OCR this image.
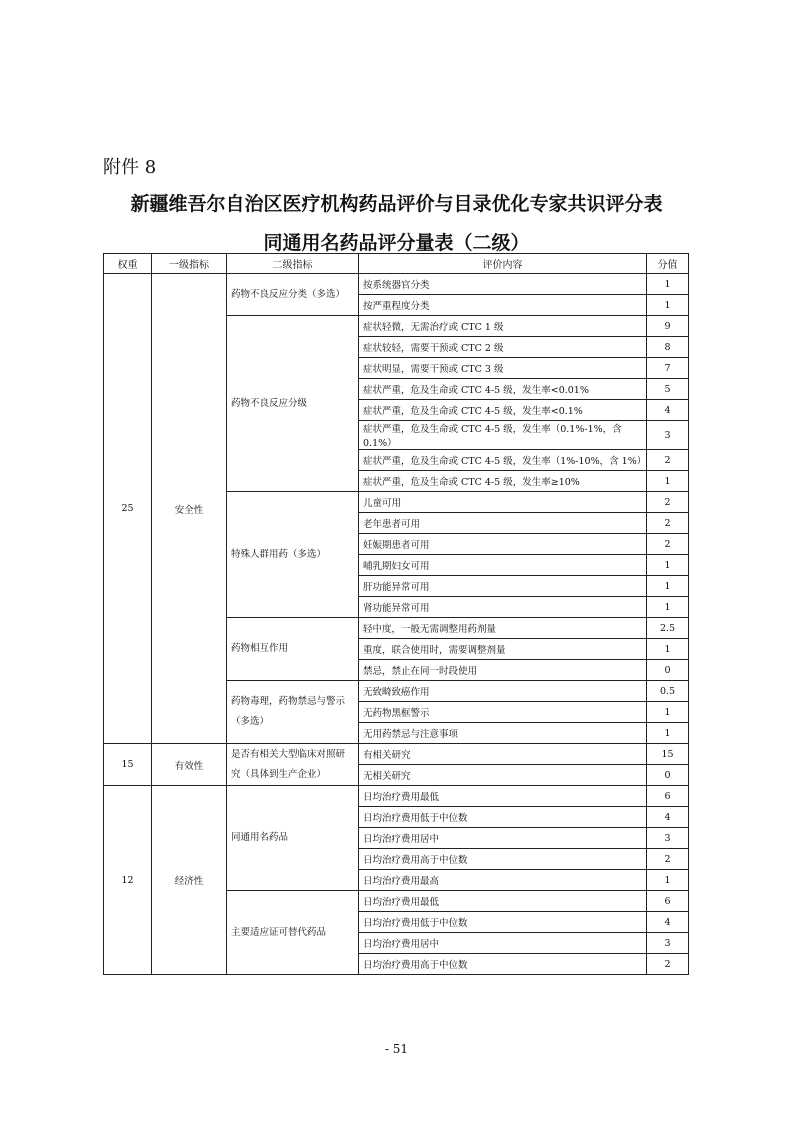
附件 8
新疆维吾尔自治区医疗机构药品评价与目录优化专家共识评分表
同通用名药品评分量表（二级）
权重	一级指标	二级指标	评价内容	分值
25	安全性	药物不良反应分类（多选）	按系统器官分类	1
			按严重程度分类	1
		药物不良反应分级	症状轻微，无需治疗或 CTC 1 级	9
			症状较轻，需要干预或 CTC 2 级	8
			症状明显，需要干预或 CTC 3 级	7
			症状严重，危及生命或 CTC 4-5 级，发生率<0.01%	5
			症状严重，危及生命或 CTC 4-5 级，发生率<0.1%	4
			症状严重，危及生命或 CTC 4-5 级，发生率（0.1%-1%，含 0.1%）	3
			症状严重，危及生命或 CTC 4-5 级，发生率（1%-10%，含 1%）	2
			症状严重，危及生命或 CTC 4-5 级，发生率≥10%	1
		特殊人群用药（多选）	儿童可用	2
			老年患者可用	2
			妊娠期患者可用	2
			哺乳期妇女可用	1
			肝功能异常可用	1
			肾功能异常可用	1
		药物相互作用	轻中度，一般无需调整用药剂量	2.5
			重度，联合使用时，需要调整剂量	1
			禁忌，禁止在同一时段使用	0
		药物毒理，药物禁忌与警示（多选）	无致畸致癌作用	0.5
			无药物黑框警示	1
			无用药禁忌与注意事项	1
15	有效性	是否有相关大型临床对照研究（具体到生产企业）	有相关研究	15
			无相关研究	0
12	经济性	同通用名药品	日均治疗费用最低	6
			日均治疗费用低于中位数	4
			日均治疗费用居中	3
			日均治疗费用高于中位数	2
			日均治疗费用最高	1
		主要适应证可替代药品	日均治疗费用最低	6
			日均治疗费用低于中位数	4
			日均治疗费用居中	3
			日均治疗费用高于中位数	2
- 51
